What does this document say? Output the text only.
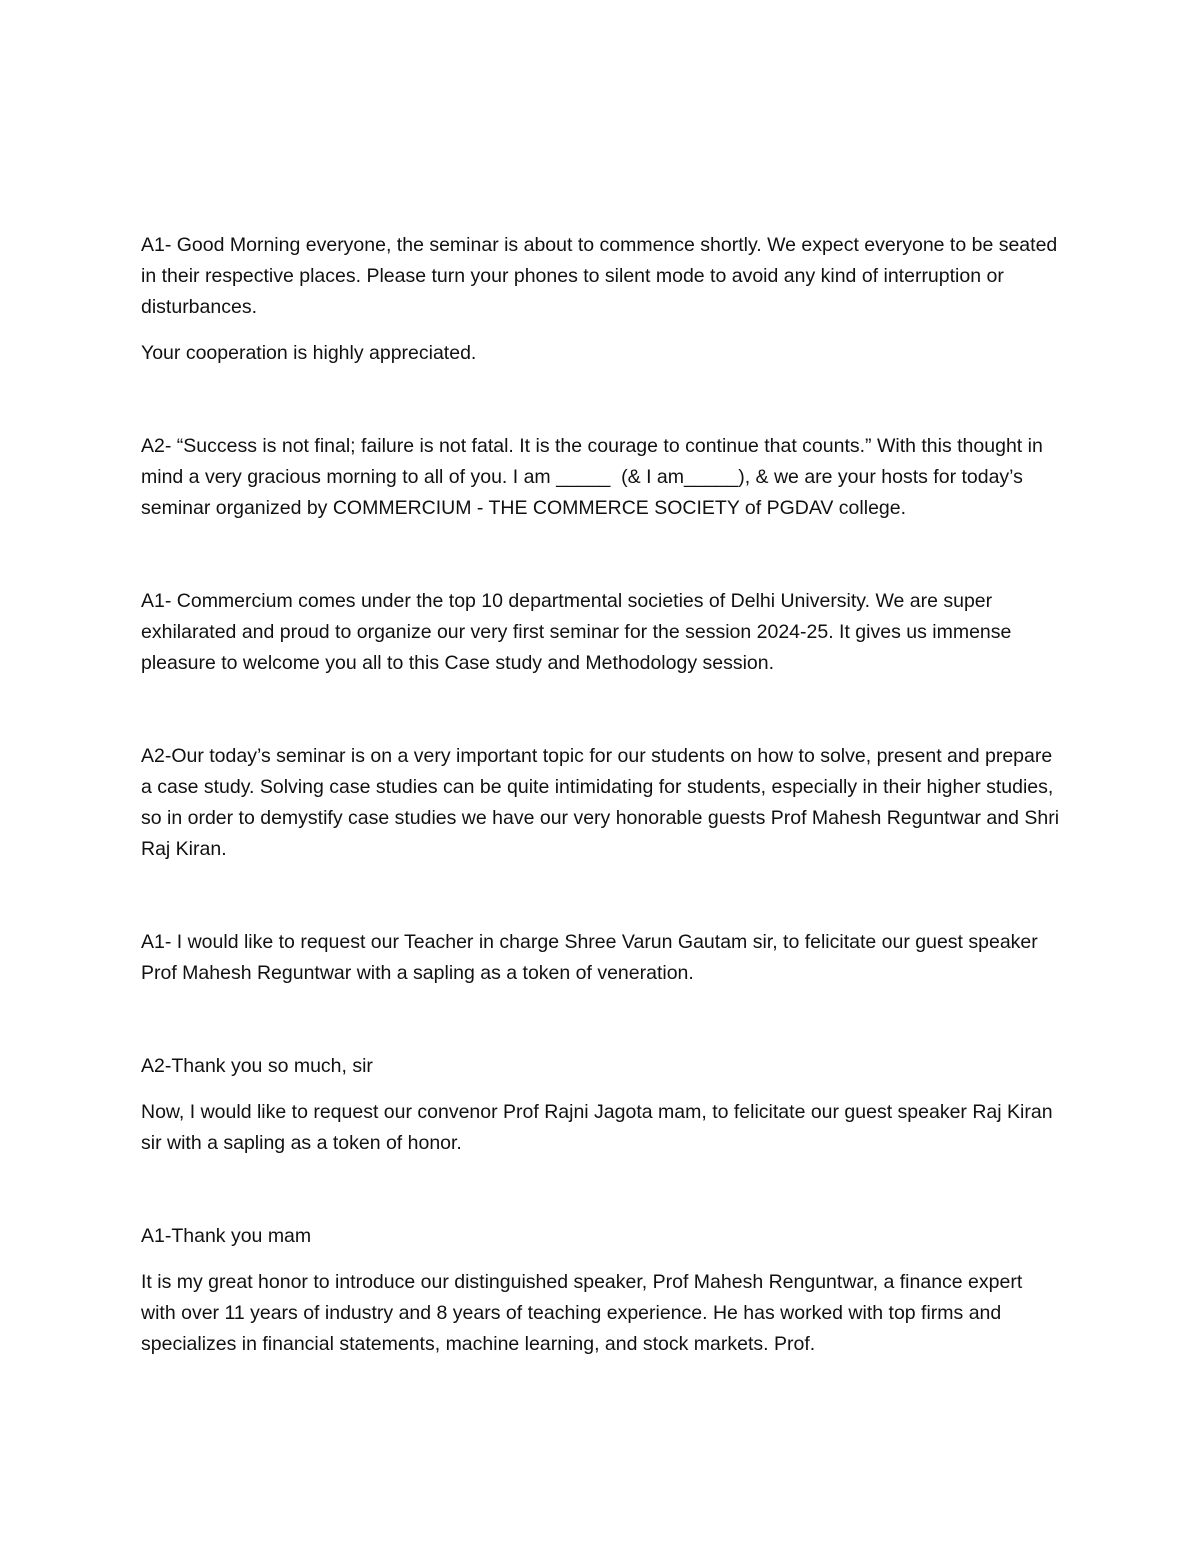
A1- Good Morning everyone, the seminar is about to commence shortly. We expect everyone to be seated in their respective places. Please turn your phones to silent mode to avoid any kind of interruption or disturbances.

Your cooperation is highly appreciated.

A2- “Success is not final; failure is not fatal. It is the courage to continue that counts.” With this thought in mind a very gracious morning to all of you. I am _____  (& I am_____), & we are your hosts for today’s seminar organized by COMMERCIUM - THE COMMERCE SOCIETY of PGDAV college.

A1- Commercium comes under the top 10 departmental societies of Delhi University. We are super exhilarated and proud to organize our very first seminar for the session 2024-25. It gives us immense pleasure to welcome you all to this Case study and Methodology session.

A2-Our today’s seminar is on a very important topic for our students on how to solve, present and prepare a case study. Solving case studies can be quite intimidating for students, especially in their higher studies, so in order to demystify case studies we have our very honorable guests Prof Mahesh Reguntwar and Shri Raj Kiran.

A1- I would like to request our Teacher in charge Shree Varun Gautam sir, to felicitate our guest speaker Prof Mahesh Reguntwar with a sapling as a token of veneration.

A2-Thank you so much, sir

Now, I would like to request our convenor Prof Rajni Jagota mam, to felicitate our guest speaker Raj Kiran sir with a sapling as a token of honor.

A1-Thank you mam

It is my great honor to introduce our distinguished speaker, Prof Mahesh Renguntwar, a finance expert with over 11 years of industry and 8 years of teaching experience. He has worked with top firms and specializes in financial statements, machine learning, and stock markets. Prof.
